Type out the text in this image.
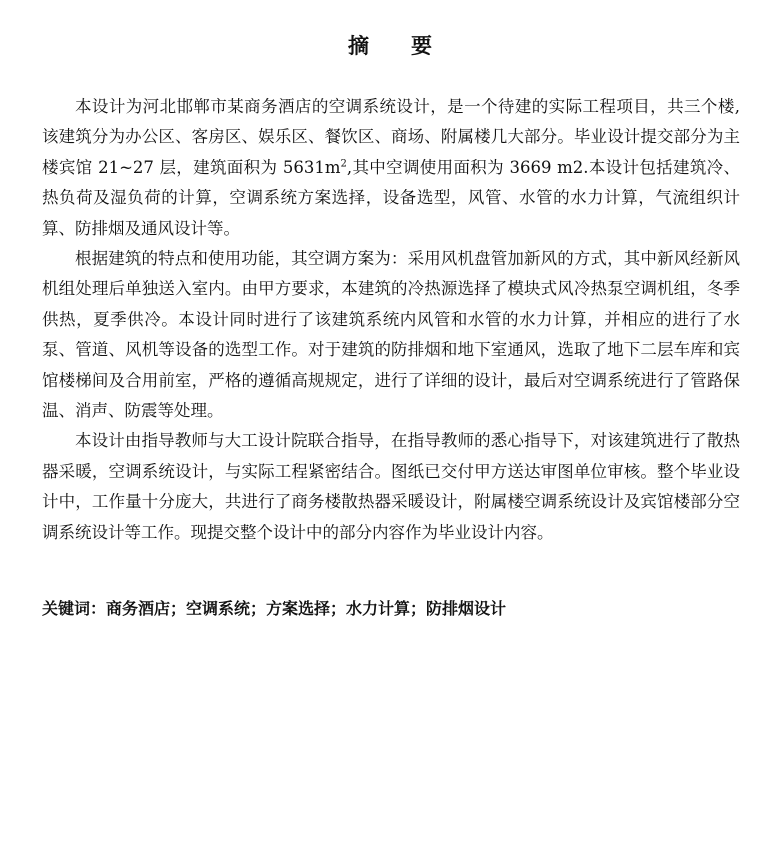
摘　　要

本设计为河北邯郸市某商务酒店的空调系统设计，是一个待建的实际工程项目，共三个楼,该建筑分为办公区、客房区、娱乐区、餐饮区、商场、附属楼几大部分。毕业设计提交部分为主楼宾馆 21~27 层，建筑面积为 $5631m^2$,其中空调使用面积为 3669 m2.本设计包括建筑冷、热负荷及湿负荷的计算，空调系统方案选择，设备选型，风管、水管的水力计算，气流组织计算、防排烟及通风设计等。

根据建筑的特点和使用功能，其空调方案为：采用风机盘管加新风的方式，其中新风经新风机组处理后单独送入室内。由甲方要求，本建筑的冷热源选择了模块式风冷热泵空调机组，冬季供热，夏季供冷。本设计同时进行了该建筑系统内风管和水管的水力计算，并相应的进行了水泵、管道、风机等设备的选型工作。对于建筑的防排烟和地下室通风，选取了地下二层车库和宾馆楼梯间及合用前室，严格的遵循高规规定，进行了详细的设计，最后对空调系统进行了管路保温、消声、防震等处理。

本设计由指导教师与大工设计院联合指导，在指导教师的悉心指导下，对该建筑进行了散热器采暖，空调系统设计，与实际工程紧密结合。图纸已交付甲方送达审图单位审核。整个毕业设计中，工作量十分庞大，共进行了商务楼散热器采暖设计，附属楼空调系统设计及宾馆楼部分空调系统设计等工作。现提交整个设计中的部分内容作为毕业设计内容。

关键词：商务酒店；空调系统；方案选择；水力计算；防排烟设计
